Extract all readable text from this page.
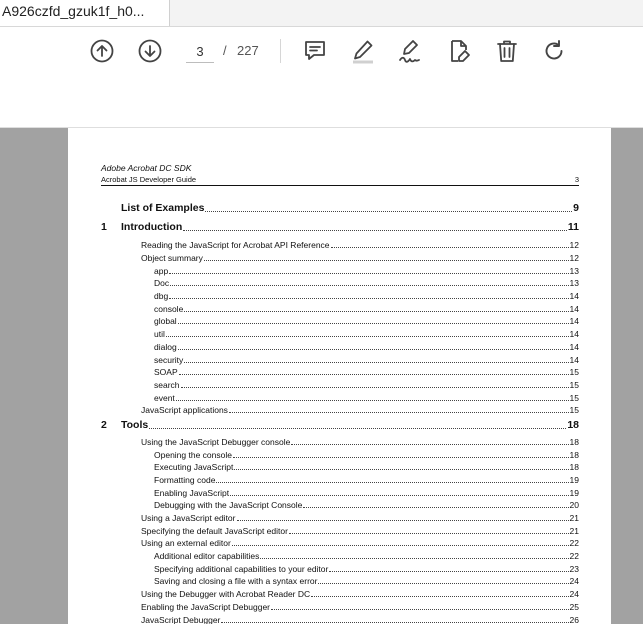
A926czfd_gzuk1f_h0...
3
/ 227
Adobe Acrobat DC SDK
Acrobat JS Developer Guide	3
List of Examples	9
1 Introduction	11
Reading the JavaScript for Acrobat API Reference	12
Object summary	12
app	13
Doc	13
dbg	14
console	14
global	14
util	14
dialog	14
security	14
SOAP	15
search	15
event	15
JavaScript applications	15
2 Tools	18
Using the JavaScript Debugger console	18
Opening the console	18
Executing JavaScript	18
Formatting code	19
Enabling JavaScript	19
Debugging with the JavaScript Console	20
Using a JavaScript editor	21
Specifying the default JavaScript editor	21
Using an external editor	22
Additional editor capabilities	22
Specifying additional capabilities to your editor	23
Saving and closing a file with a syntax error	24
Using the Debugger with Acrobat Reader DC	24
Enabling the JavaScript Debugger	25
JavaScript Debugger	26
